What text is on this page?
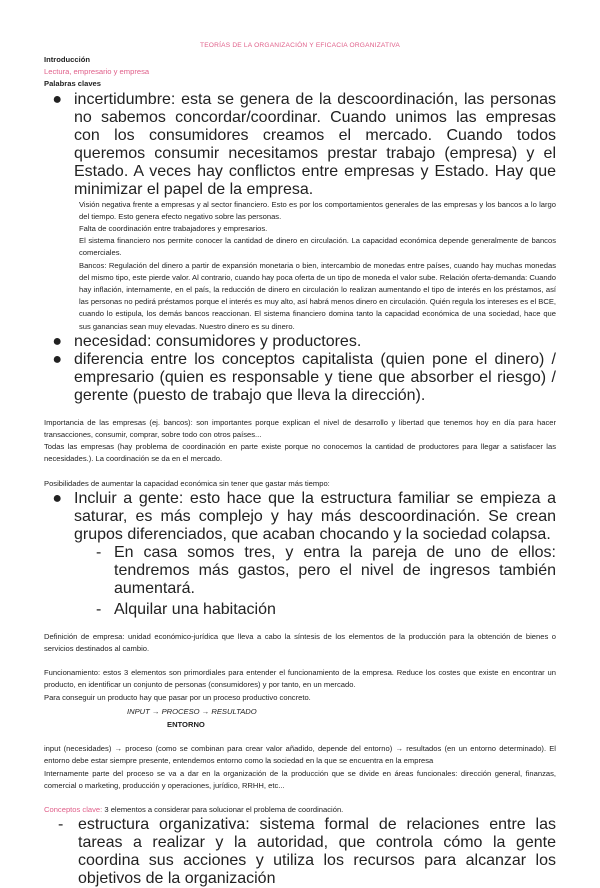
TEORÍAS DE LA ORGANIZACIÓN Y EFICACIA ORGANIZATIVA

Introducción

Lectura, empresario y empresa

Palabras claves

● incertidumbre: esta se genera de la descoordinación, las personas no sabemos concordar/coordinar. Cuando unimos las empresas con los consumidores creamos el mercado. Cuando todos queremos consumir necesitamos prestar trabajo (empresa) y el Estado. A veces hay conflictos entre empresas y Estado. Hay que minimizar el papel de la empresa.

Visión negativa frente a empresas y al sector financiero. Esto es por los comportamientos generales de las empresas y los bancos a lo largo del tiempo. Esto genera efecto negativo sobre las personas.

Falta de coordinación entre trabajadores y empresarios.

El sistema financiero nos permite conocer la cantidad de dinero en circulación. La capacidad económica depende generalmente de bancos comerciales.

Bancos: Regulación del dinero a partir de expansión monetaria o bien, intercambio de monedas entre países, cuando hay muchas monedas del mismo tipo, este pierde valor. Al contrario, cuando hay poca oferta de un tipo de moneda el valor sube. Relación oferta-demanda: Cuando hay inflación, internamente, en el país, la reducción de dinero en circulación lo realizan aumentando el tipo de interés en los préstamos, así las personas no pedirá préstamos porque el interés es muy alto, así habrá menos dinero en circulación. Quién regula los intereses es el BCE, cuando lo estipula, los demás bancos reaccionan. El sistema financiero domina tanto la capacidad económica de una sociedad, hace que sus ganancias sean muy elevadas. Nuestro dinero es su dinero.

● necesidad: consumidores y productores.
● diferencia entre los conceptos capitalista (quien pone el dinero) / empresario (quien es responsable y tiene que absorber el riesgo) / gerente (puesto de trabajo que lleva la dirección).

Importancia de las empresas (ej. bancos): son importantes porque explican el nivel de desarrollo y libertad que tenemos hoy en día para hacer transacciones, consumir, comprar, sobre todo con otros países...

Todas las empresas (hay problema de coordinación en parte existe porque no conocemos la cantidad de productores para llegar a satisfacer las necesidades.). La coordinación se da en el mercado.

Posibilidades de aumentar la capacidad económica sin tener que gastar más tiempo:

● Incluir a gente: esto hace que la estructura familiar se empieza a saturar, es más complejo y hay más descoordinación. Se crean grupos diferenciados, que acaban chocando y la sociedad colapsa.
- En casa somos tres, y entra la pareja de uno de ellos: tendremos más gastos, pero el nivel de ingresos también aumentará.
- Alquilar una habitación

Definición de empresa: unidad económico-jurídica que lleva a cabo la síntesis de los elementos de la producción para la obtención de bienes o servicios destinados al cambio.

Funcionamiento: estos 3 elementos son primordiales para entender el funcionamiento de la empresa. Reduce los costes que existe en encontrar un producto, en identificar un conjunto de personas (consumidores) y por tanto, en un mercado.

Para conseguir un producto hay que pasar por un proceso productivo concreto.

INPUT → PROCESO → RESULTADO

ENTORNO

input (necesidades) → proceso (como se combinan para crear valor añadido, depende del entorno) → resultados (en un entorno determinado). El entorno debe estar siempre presente, entendemos entorno como la sociedad en la que se encuentra en la empresa

Internamente parte del proceso se va a dar en la organización de la producción que se divide en áreas funcionales: dirección general, finanzas, comercial o marketing, producción y operaciones, jurídico, RRHH, etc...

Conceptos clave: 3 elementos a considerar para solucionar el problema de coordinación.

- estructura organizativa: sistema formal de relaciones entre las tareas a realizar y la autoridad, que controla cómo la gente coordina sus acciones y utiliza los recursos para alcanzar los objetivos de la organización
